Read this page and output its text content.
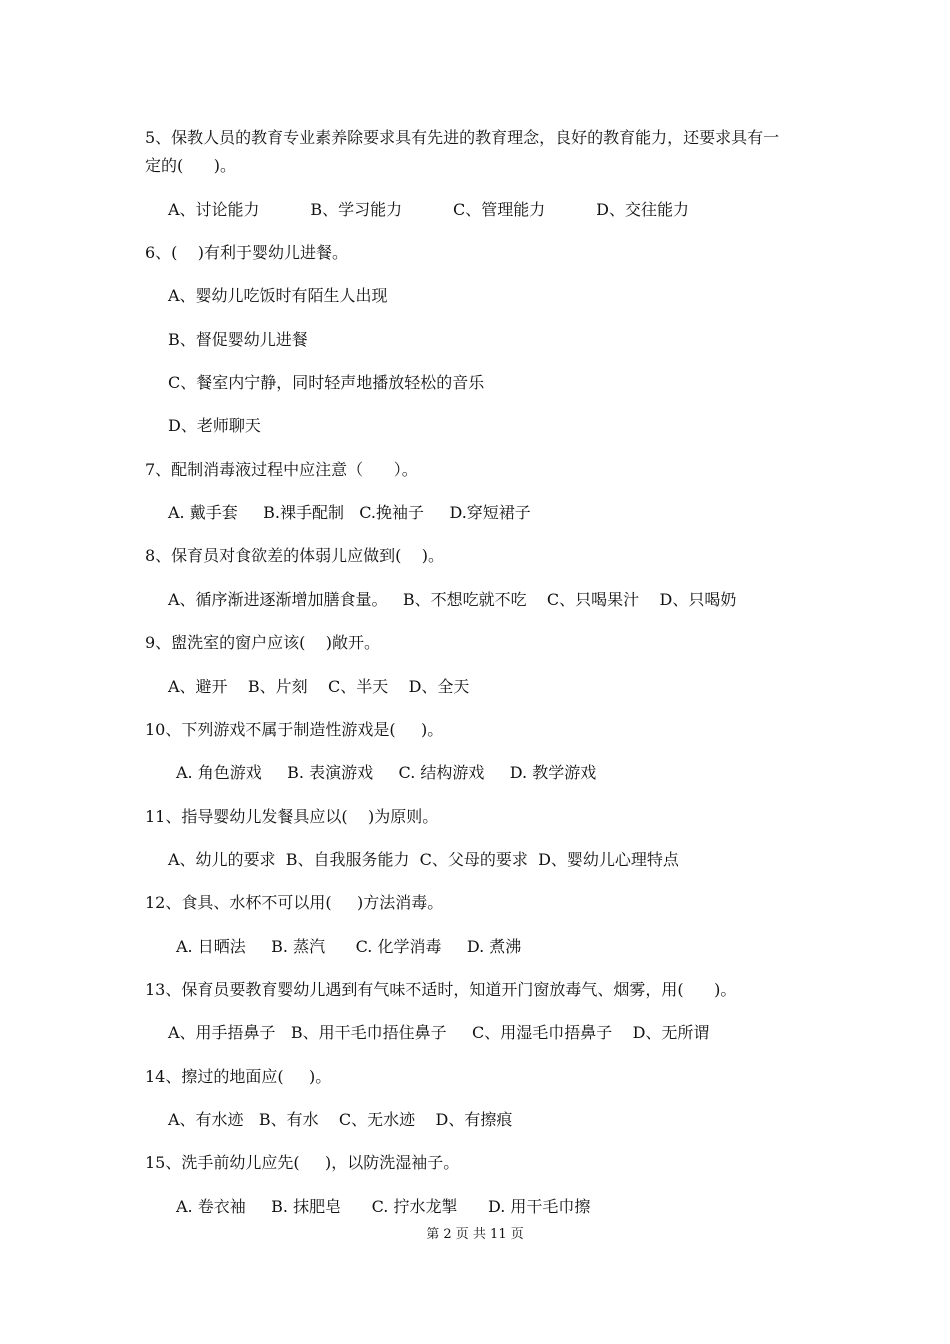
5、保教人员的教育专业素养除要求具有先进的教育理念，良好的教育能力，还要求具有一
定的(      )。
A、讨论能力          B、学习能力          C、管理能力          D、交往能力
6、(    )有利于婴幼儿进餐。
A、婴幼儿吃饭时有陌生人出现
B、督促婴幼儿进餐
C、餐室内宁静，同时轻声地播放轻松的音乐
D、老师聊天
7、配制消毒液过程中应注意（      ）。
A. 戴手套     B.裸手配制   C.挽袖子     D.穿短裙子
8、保育员对食欲差的体弱儿应做到(    )。
A、循序渐进逐渐增加膳食量。   B、不想吃就不吃    C、只喝果汁    D、只喝奶
9、盥洗室的窗户应该(    )敞开。
A、避开    B、片刻    C、半天    D、全天
10、下列游戏不属于制造性游戏是(     )。
A. 角色游戏     B. 表演游戏     C. 结构游戏     D. 教学游戏
11、指导婴幼儿发餐具应以(    )为原则。
A、幼儿的要求  B、自我服务能力  C、父母的要求  D、婴幼儿心理特点
12、食具、水杯不可以用(     )方法消毒。
A. 日晒法     B. 蒸汽      C. 化学消毒     D. 煮沸
13、保育员要教育婴幼儿遇到有气味不适时，知道开门窗放毒气、烟雾，用(      )。
A、用手捂鼻子   B、用干毛巾捂住鼻子     C、用湿毛巾捂鼻子    D、无所谓
14、擦过的地面应(     )。
A、有水迹   B、有水    C、无水迹    D、有擦痕
15、洗手前幼儿应先(     )，以防洗湿袖子。
A. 卷衣袖     B. 抹肥皂      C. 拧水龙掣      D. 用干毛巾擦
第 2 页 共 11 页
